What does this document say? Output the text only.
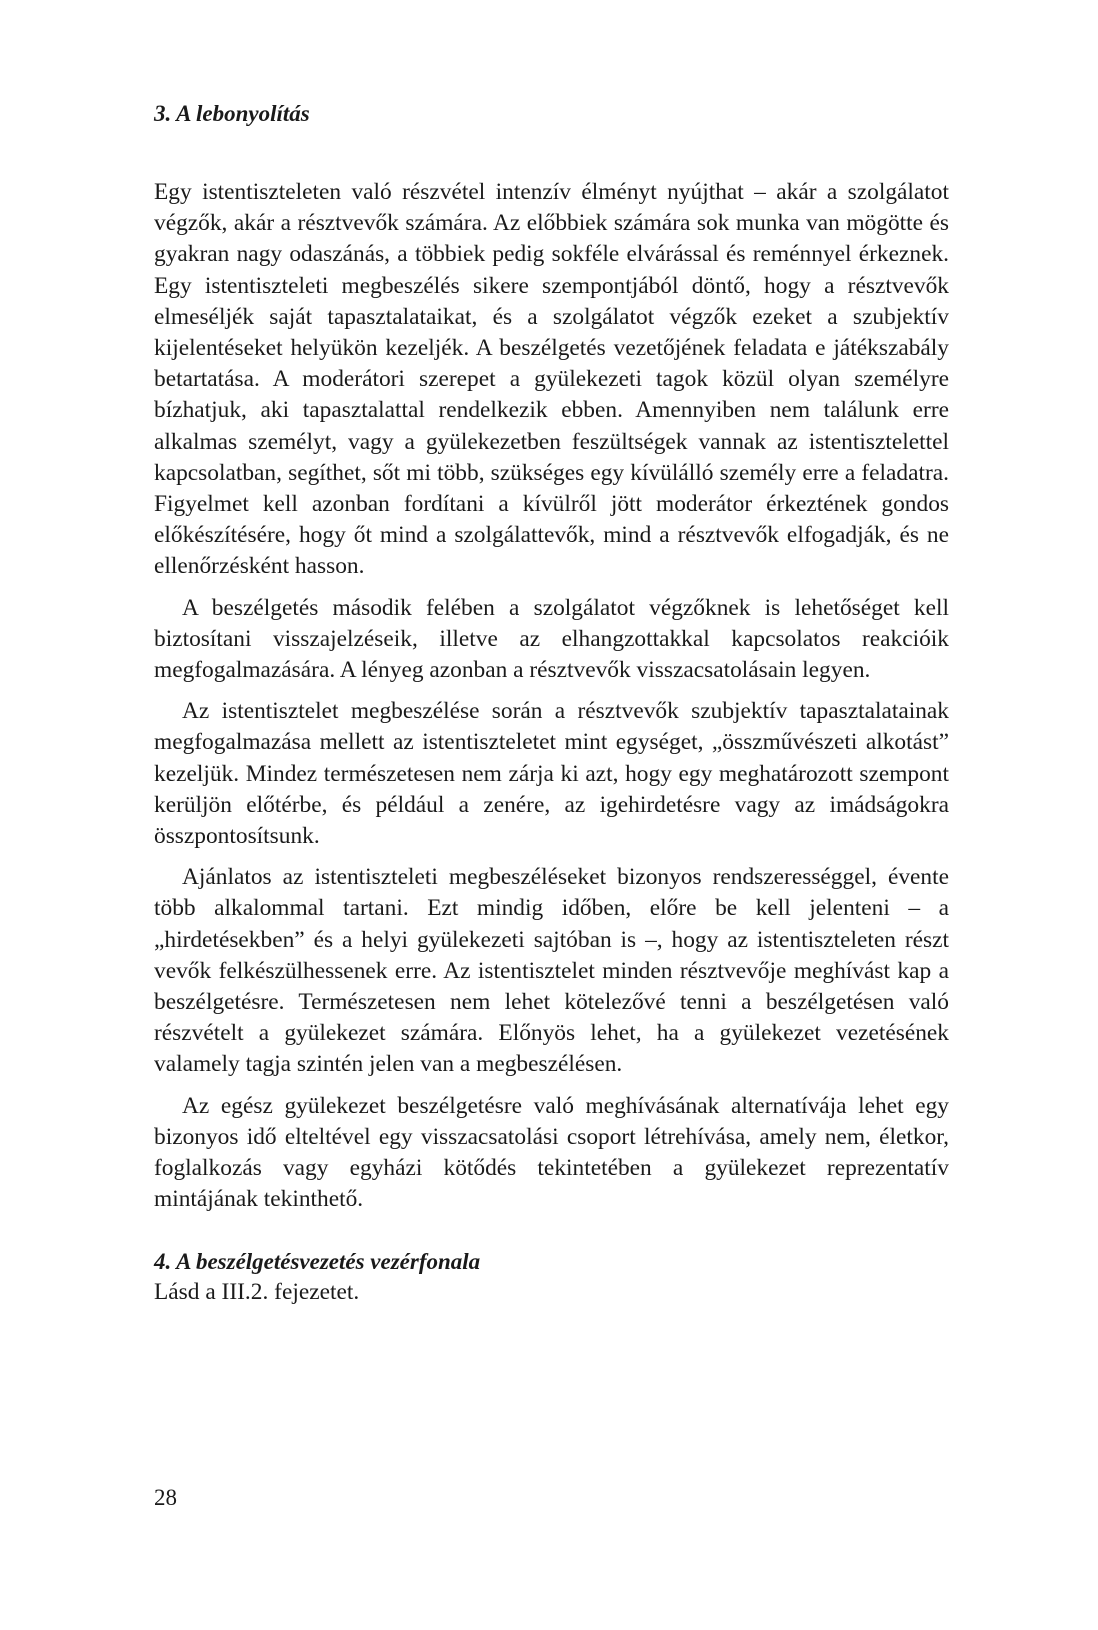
3. A lebonyolítás

Egy istentiszteleten való részvétel intenzív élményt nyújthat – akár a szolgálatot végzők, akár a résztvevők számára. Az előbbiek számára sok munka van mögötte és gyakran nagy odaszánás, a többiek pedig sokféle elvárással és reménnyel érkeznek. Egy istentiszteleti megbeszélés sikere szempontjából döntő, hogy a résztvevők elmeséljék saját tapasztalataikat, és a szolgálatot végzők ezeket a szubjektív kijelentéseket helyükön kezeljék. A beszélgetés vezetőjének feladata e játékszabály betartatása. A moderátori szerepet a gyülekezeti tagok közül olyan személyre bízhatjuk, aki tapasztalattal rendelkezik ebben. Amennyiben nem találunk erre alkalmas személyt, vagy a gyülekezetben feszültségek vannak az istentisztelettel kapcsolatban, segíthet, sőt mi több, szükséges egy kívülálló személy erre a feladatra. Figyelmet kell azonban fordítani a kívülről jött moderátor érkeztének gondos előkészítésére, hogy őt mind a szolgálattevők, mind a résztvevők elfogadják, és ne ellenőrzésként hasson.

A beszélgetés második felében a szolgálatot végzőknek is lehetőséget kell biztosítani visszajelzéseik, illetve az elhangzottakkal kapcsolatos reakcióik megfogalmazására. A lényeg azonban a résztvevők visszacsatolásain legyen.

Az istentisztelet megbeszélése során a résztvevők szubjektív tapasztalatainak megfogalmazása mellett az istentiszteletet mint egységet, „összművészeti alkotást” kezeljük. Mindez természetesen nem zárja ki azt, hogy egy meghatározott szempont kerüljön előtérbe, és például a zenére, az igehirdetésre vagy az imádságokra összpontosítsunk.

Ajánlatos az istentiszteleti megbeszéléseket bizonyos rendszerességgel, évente több alkalommal tartani. Ezt mindig időben, előre be kell jelenteni – a „hirdetésekben” és a helyi gyülekezeti sajtóban is –, hogy az istentiszteleten részt vevők felkészülhessenek erre. Az istentisztelet minden résztvevője meghívást kap a beszélgetésre. Természetesen nem lehet kötelezővé tenni a beszélgetésen való részvételt a gyülekezet számára. Előnyös lehet, ha a gyülekezet vezetésének valamely tagja szintén jelen van a megbeszélésen.

Az egész gyülekezet beszélgetésre való meghívásának alternatívája lehet egy bizonyos idő elteltével egy visszacsatolási csoport létrehívása, amely nem, életkor, foglalkozás vagy egyházi kötődés tekintetében a gyülekezet reprezentatív mintájának tekinthető.

4. A beszélgetésvezetés vezérfonala

Lásd a III.2. fejezetet.

28
